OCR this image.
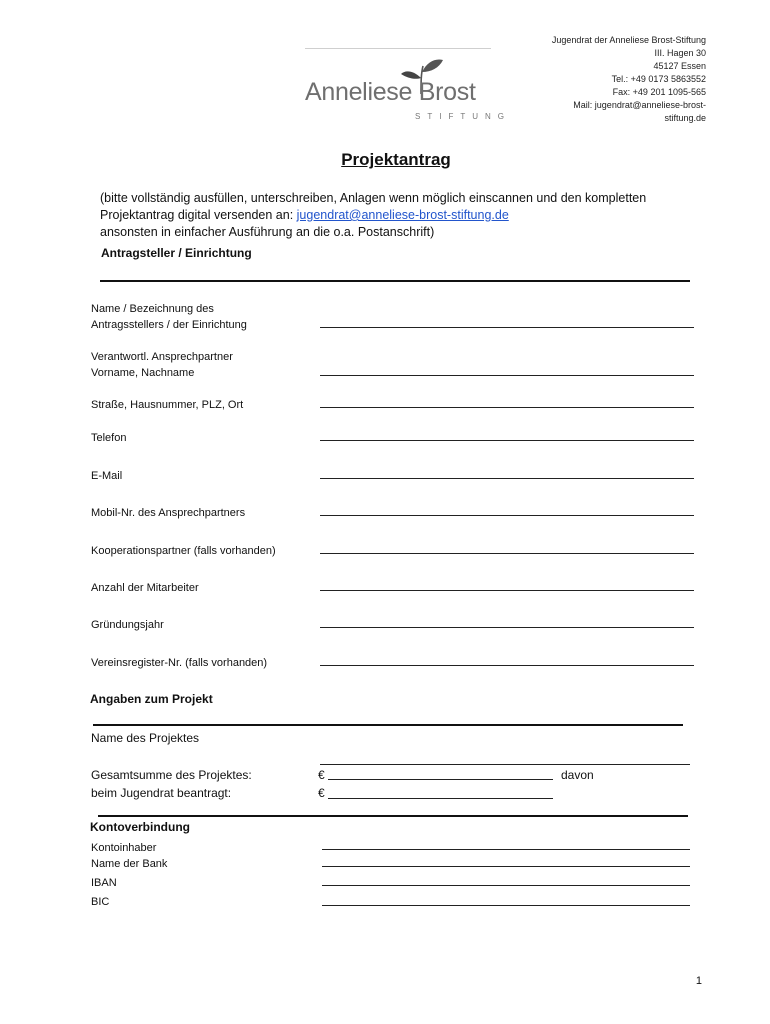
Jugendrat der Anneliese Brost-Stiftung
III. Hagen 30
45127 Essen
Tel.: +49 0173 5863552
Fax: +49 201 1095-565
Mail: jugendrat@anneliese-brost-
stiftung.de
Anneliese Brost
STIFTUNG
Projektantrag
(bitte vollständig ausfüllen, unterschreiben, Anlagen wenn möglich einscannen und den kompletten
Projektantrag digital versenden an: jugendrat@anneliese-brost-stiftung.de
ansonsten in einfacher Ausführung an die o.a. Postanschrift)
Antragsteller / Einrichtung
Name / Bezeichnung des
Antragsstellers / der Einrichtung
Verantwortl. Ansprechpartner
Vorname, Nachname
Straße, Hausnummer, PLZ, Ort
Telefon
E-Mail
Mobil-Nr. des Ansprechpartners
Kooperationspartner (falls vorhanden)
Anzahl der Mitarbeiter
Gründungsjahr
Vereinsregister-Nr. (falls vorhanden)
Angaben zum Projekt
Name des Projektes
Gesamtsumme des Projektes:	€	davon
beim Jugendrat beantragt:	€
Kontoverbindung
Kontoinhaber
Name der Bank
IBAN
BIC
1
